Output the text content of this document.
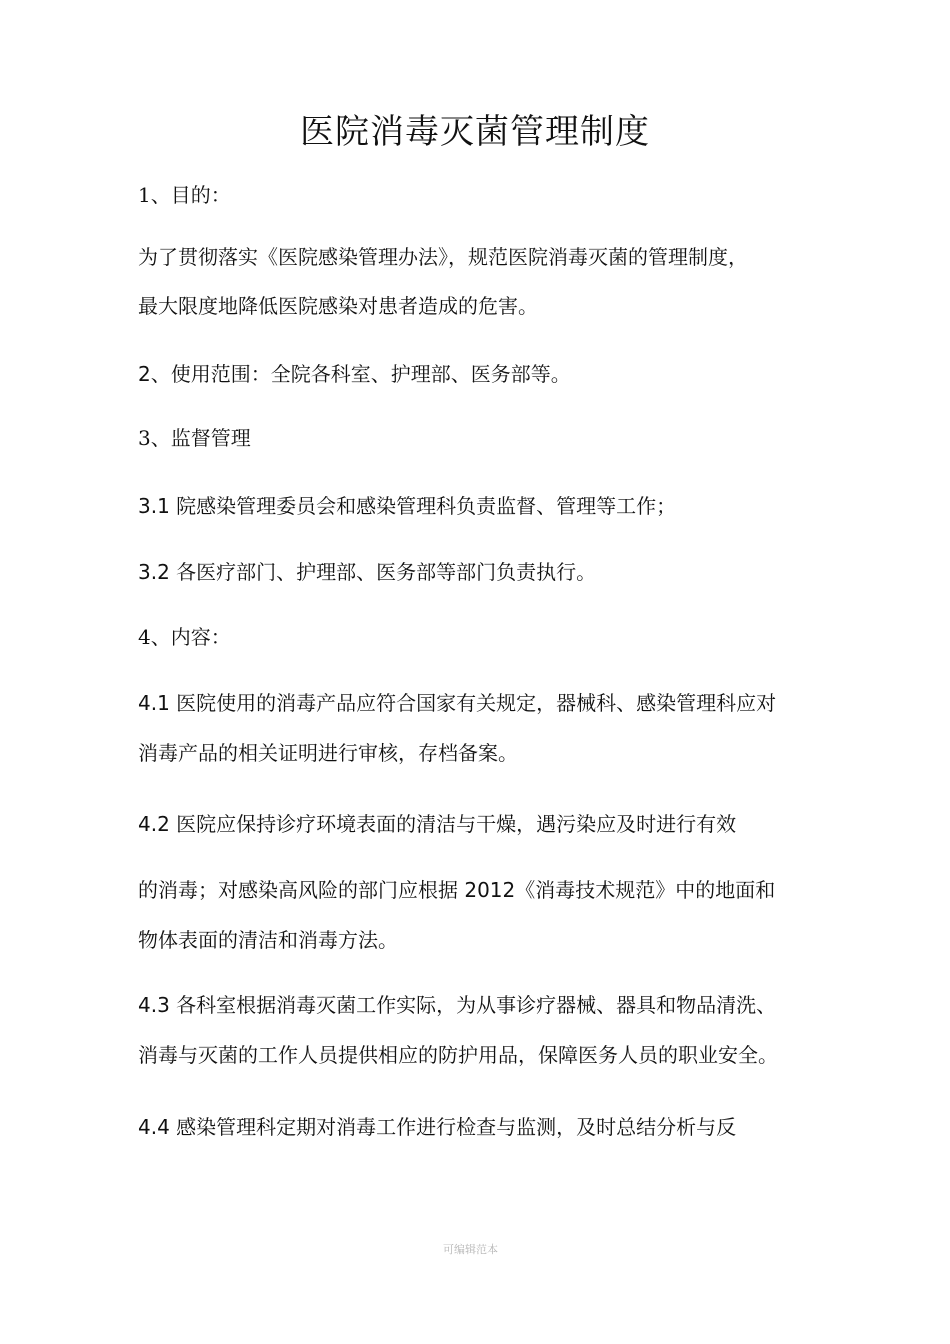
医院消毒灭菌管理制度
1、目的：
为了贯彻落实《医院感染管理办法》，规范医院消毒灭菌的管理制度，
最大限度地降低医院感染对患者造成的危害。
2、使用范围：全院各科室、护理部、医务部等。
3、监督管理
3.1 院感染管理委员会和感染管理科负责监督、管理等工作；
3.2 各医疗部门、护理部、医务部等部门负责执行。
4、内容：
4.1 医院使用的消毒产品应符合国家有关规定，器械科、感染管理科应对
消毒产品的相关证明进行审核，存档备案。
4.2 医院应保持诊疗环境表面的清洁与干燥，遇污染应及时进行有效
的消毒；对感染高风险的部门应根据 2012《消毒技术规范》中的地面和
物体表面的清洁和消毒方法。
4.3 各科室根据消毒灭菌工作实际，为从事诊疗器械、器具和物品清洗、
消毒与灭菌的工作人员提供相应的防护用品，保障医务人员的职业安全。
4.4 感染管理科定期对消毒工作进行检查与监测，及时总结分析与反
可编辑范本
